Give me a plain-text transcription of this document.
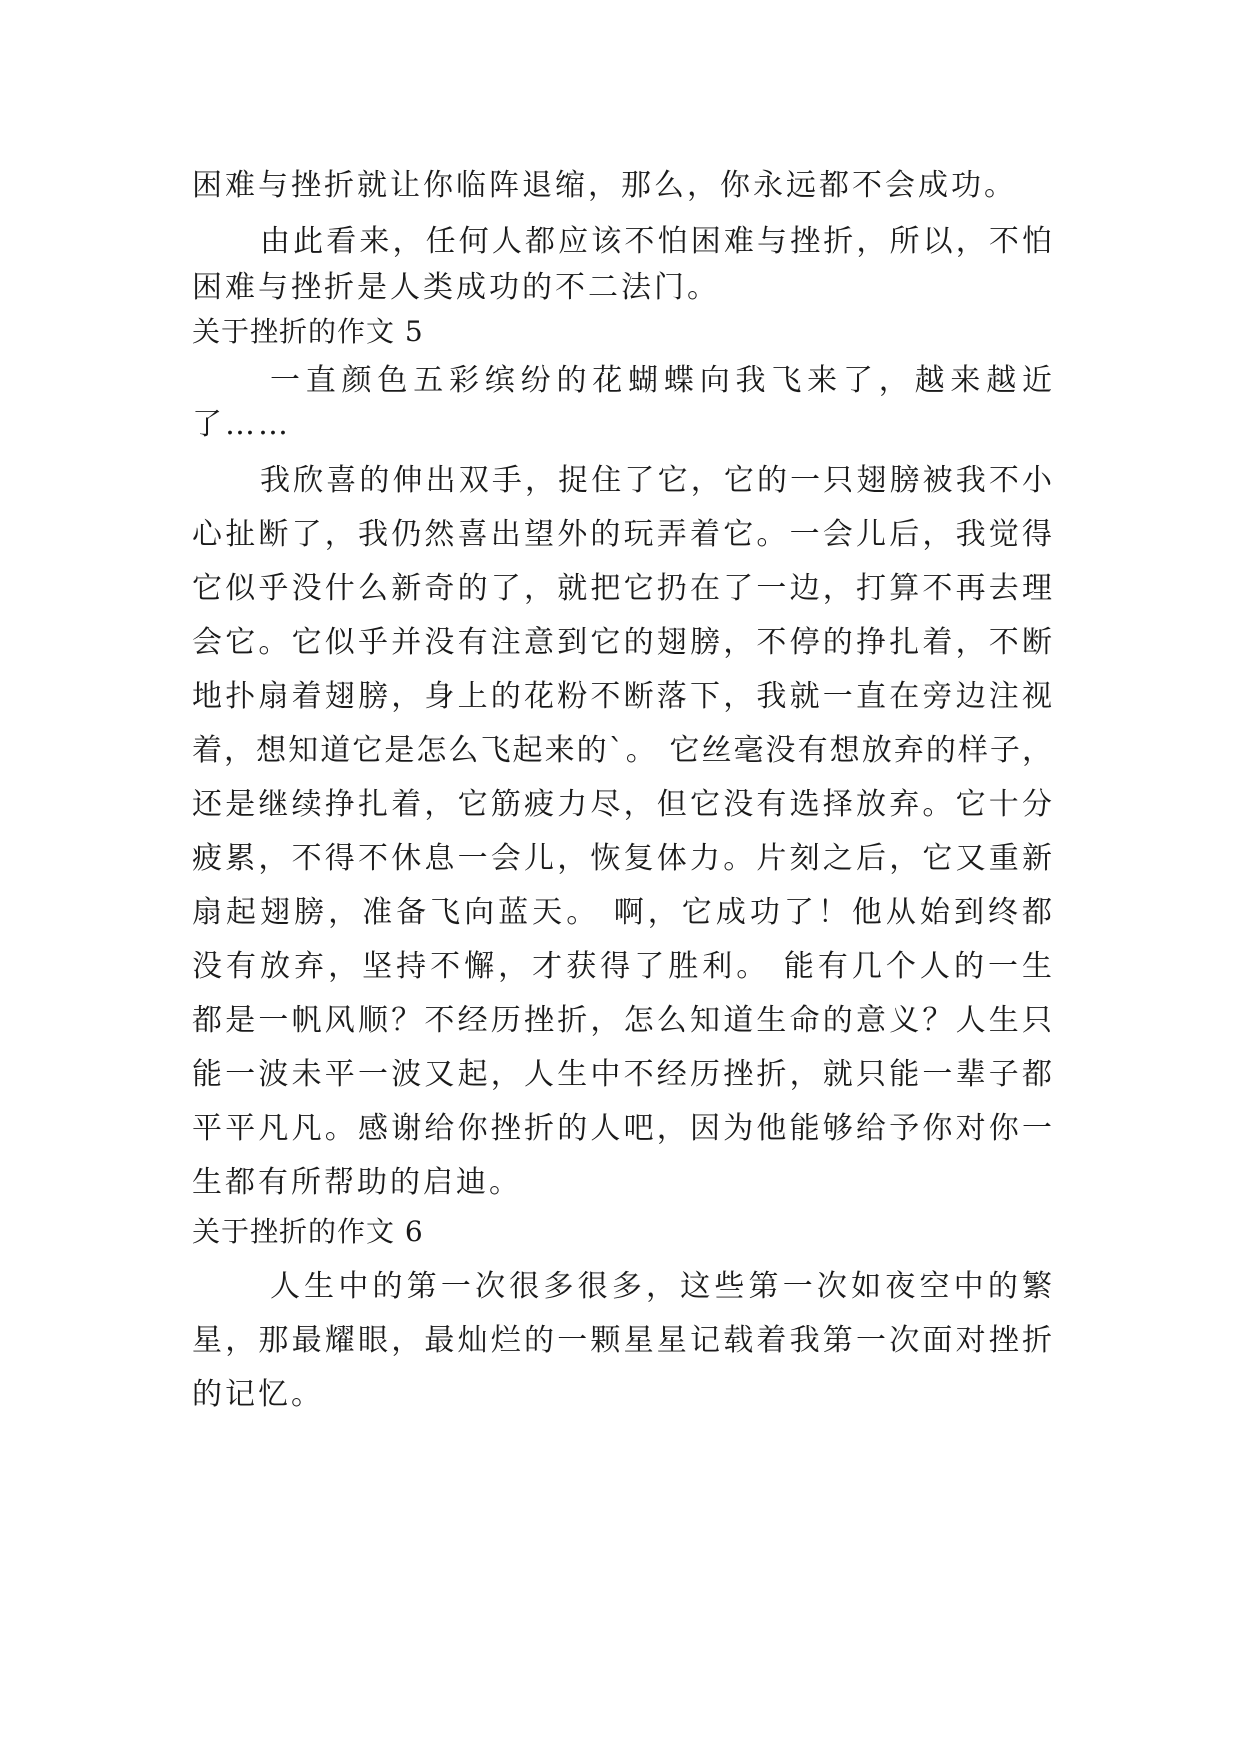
困难与挫折就让你临阵退缩，那么，你永远都不会成功。
由此看来，任何人都应该不怕困难与挫折，所以，不怕
困难与挫折是人类成功的不二法门。
关于挫折的作文 5
一直颜色五彩缤纷的花蝴蝶向我飞来了，越来越近
了……
我欣喜的伸出双手，捉住了它，它的一只翅膀被我不小
心扯断了，我仍然喜出望外的玩弄着它。一会儿后，我觉得
它似乎没什么新奇的了，就把它扔在了一边，打算不再去理
会它。它似乎并没有注意到它的翅膀，不停的挣扎着，不断
地扑扇着翅膀，身上的花粉不断落下，我就一直在旁边注视
着，想知道它是怎么飞起来的`。 它丝毫没有想放弃的样子，
还是继续挣扎着，它筋疲力尽，但它没有选择放弃。它十分
疲累，不得不休息一会儿，恢复体力。片刻之后，它又重新
扇起翅膀，准备飞向蓝天。 啊，它成功了！他从始到终都
没有放弃，坚持不懈，才获得了胜利。 能有几个人的一生
都是一帆风顺？不经历挫折，怎么知道生命的意义？人生只
能一波未平一波又起，人生中不经历挫折，就只能一辈子都
平平凡凡。感谢给你挫折的人吧，因为他能够给予你对你一
生都有所帮助的启迪。
关于挫折的作文 6
人生中的第一次很多很多，这些第一次如夜空中的繁
星，那最耀眼，最灿烂的一颗星星记载着我第一次面对挫折
的记忆。
